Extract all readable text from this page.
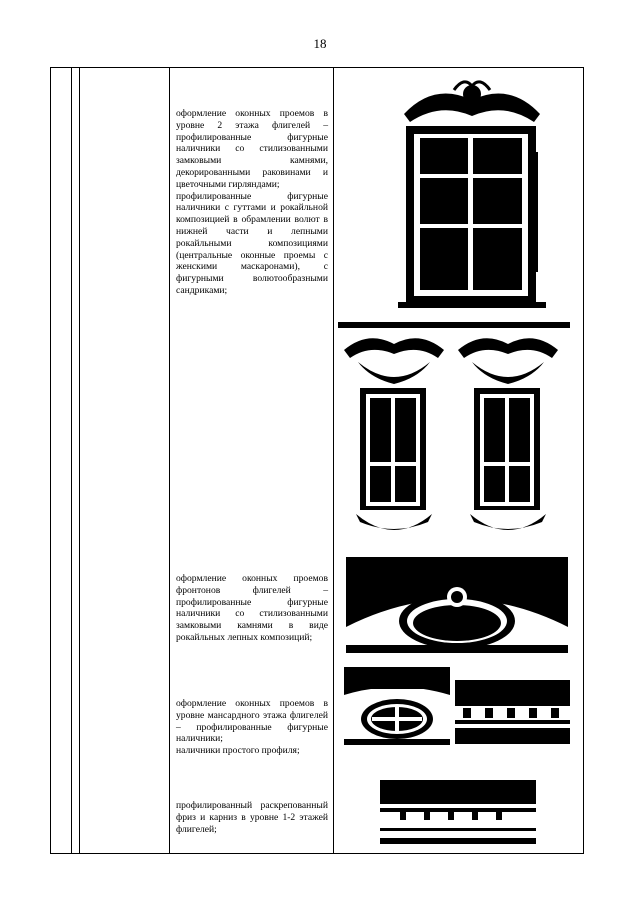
18

оформление оконных проемов в уровне 2 этажа флигелей – профилированные фигурные наличники со стилизованными замковыми камнями, декорированными раковинами и цветочными гирляндами;

профилированные фигурные наличники с гуттами и рокайльной композицией в обрамлении волют в нижней части и лепными рокайльными композициями (центральные оконные проемы с женскими маскаронами), с фигурными волютообразными сандриками;

оформление оконных проемов фронтонов флигелей – профилированные фигурные наличники со стилизованными замковыми камнями в виде рокайльных лепных композиций;

оформление оконных проемов в уровне мансардного этажа флигелей – профилированные фигурные наличники;

наличники простого профиля;

профилированный раскрепованный фриз и карниз в уровне 1-2 этажей флигелей;
